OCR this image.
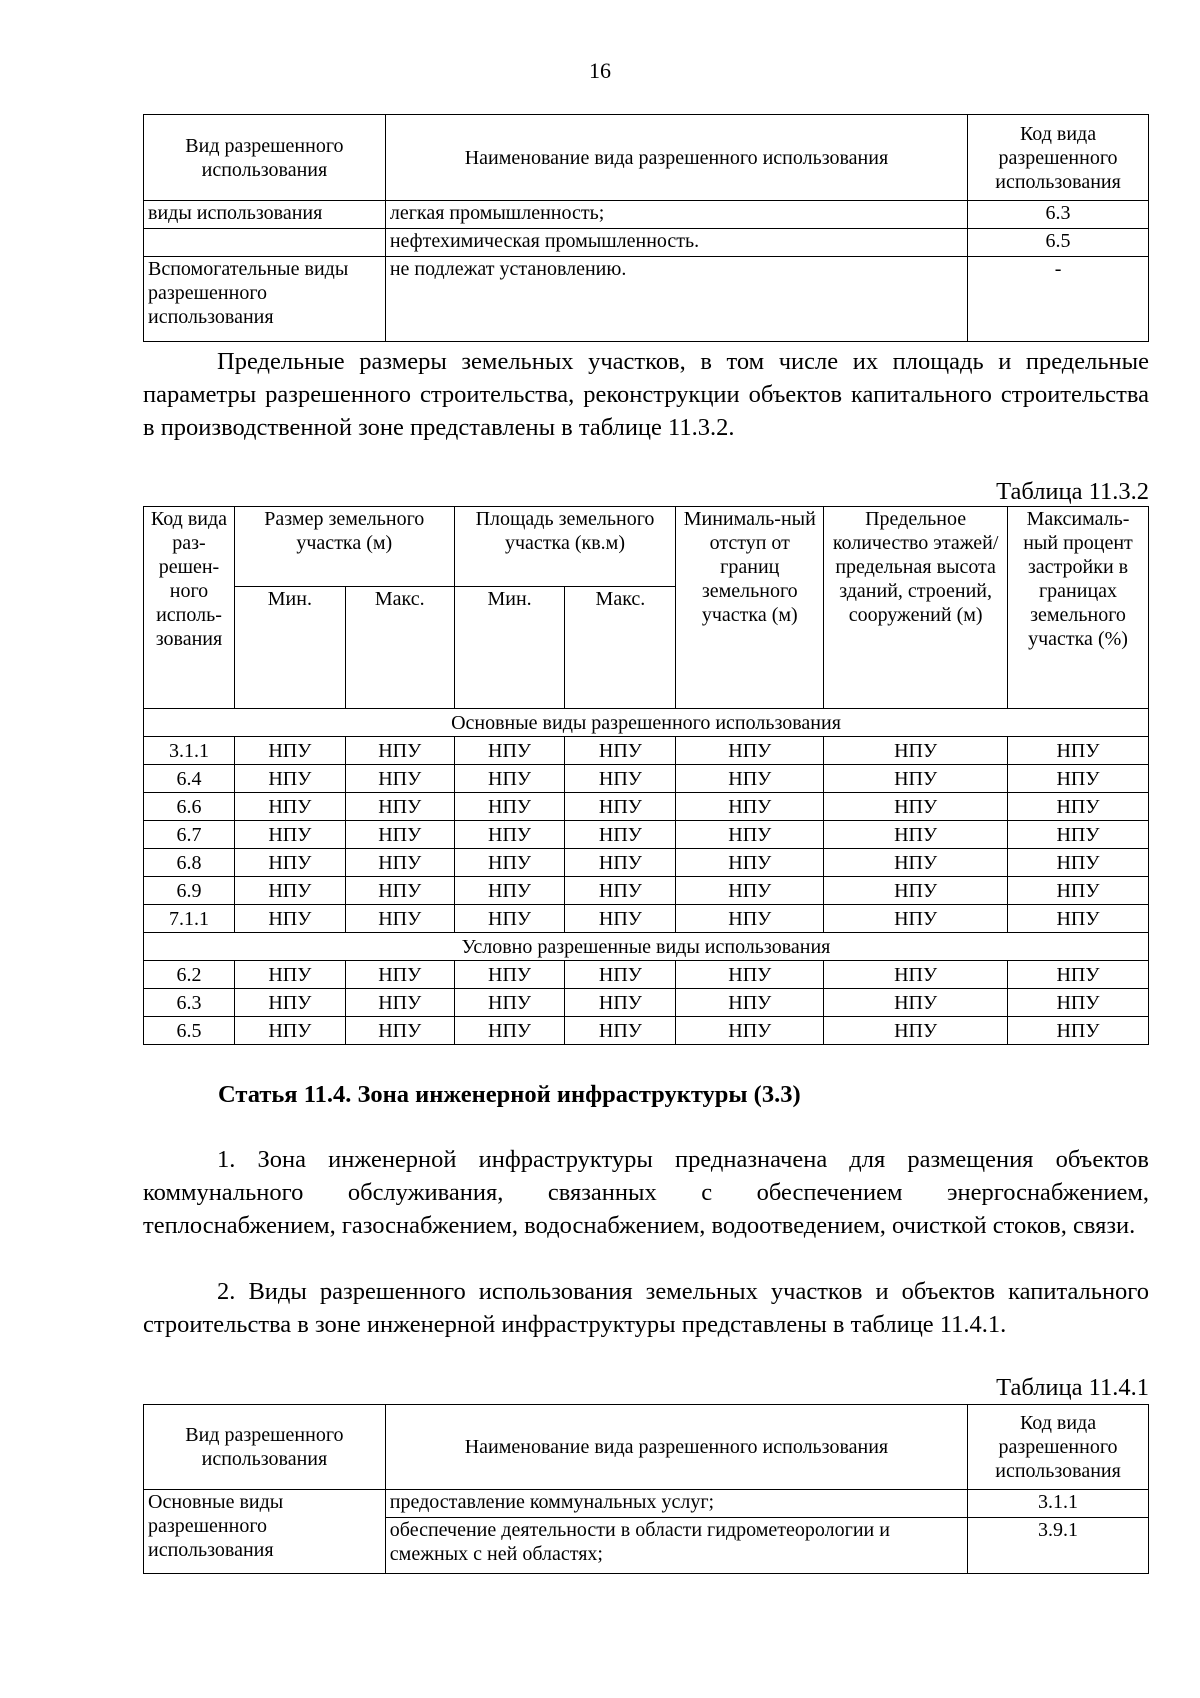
16
Вид разрешенного использования	Наименование вида разрешенного использования	Код вида разрешенного использования
виды использования	легкая промышленность;	6.3
	нефтехимическая промышленность.	6.5
Вспомогательные виды разрешенного использования	не подлежат установлению.	-

Предельные размеры земельных участков, в том числе их площадь и предельные параметры разрешенного строительства, реконструкции объектов капитального строительства в производственной зоне представлены в таблице 11.3.2.

Таблица 11.3.2
Код вида раз-решен-ного исполь-зования	Размер земельного участка (м)		Площадь земельного участка (кв.м)		Минималь-ный отступ от границ земельного участка (м)	Предельное количество этажей/ предельная высота зданий, строений, сооружений (м)	Максималь-ный процент застройки в границах земельного участка (%)
	Мин.	Макс.	Мин.	Макс.			
Основные виды разрешенного использования							
3.1.1	НПУ	НПУ	НПУ	НПУ	НПУ	НПУ	НПУ
6.4	НПУ	НПУ	НПУ	НПУ	НПУ	НПУ	НПУ
6.6	НПУ	НПУ	НПУ	НПУ	НПУ	НПУ	НПУ
6.7	НПУ	НПУ	НПУ	НПУ	НПУ	НПУ	НПУ
6.8	НПУ	НПУ	НПУ	НПУ	НПУ	НПУ	НПУ
6.9	НПУ	НПУ	НПУ	НПУ	НПУ	НПУ	НПУ
7.1.1	НПУ	НПУ	НПУ	НПУ	НПУ	НПУ	НПУ
Условно разрешенные виды использования							
6.2	НПУ	НПУ	НПУ	НПУ	НПУ	НПУ	НПУ
6.3	НПУ	НПУ	НПУ	НПУ	НПУ	НПУ	НПУ
6.5	НПУ	НПУ	НПУ	НПУ	НПУ	НПУ	НПУ
Статья 11.4. Зона инженерной инфраструктуры (3.3)

1. Зона инженерной инфраструктуры предназначена для размещения объектов коммунального обслуживания, связанных с обеспечением энергоснабжением, теплоснабжением, газоснабжением, водоснабжением, водоотведением, очисткой стоков, связи.

2. Виды разрешенного использования земельных участков и объектов капитального строительства в зоне инженерной инфраструктуры представлены в таблице 11.4.1.

Таблица 11.4.1
Вид разрешенного использования	Наименование вида разрешенного использования	Код вида разрешенного использования
Основные виды разрешенного использования	предоставление коммунальных услуг;	3.1.1
	обеспечение деятельности в области гидрометеорологии и смежных с ней областях;	3.9.1
